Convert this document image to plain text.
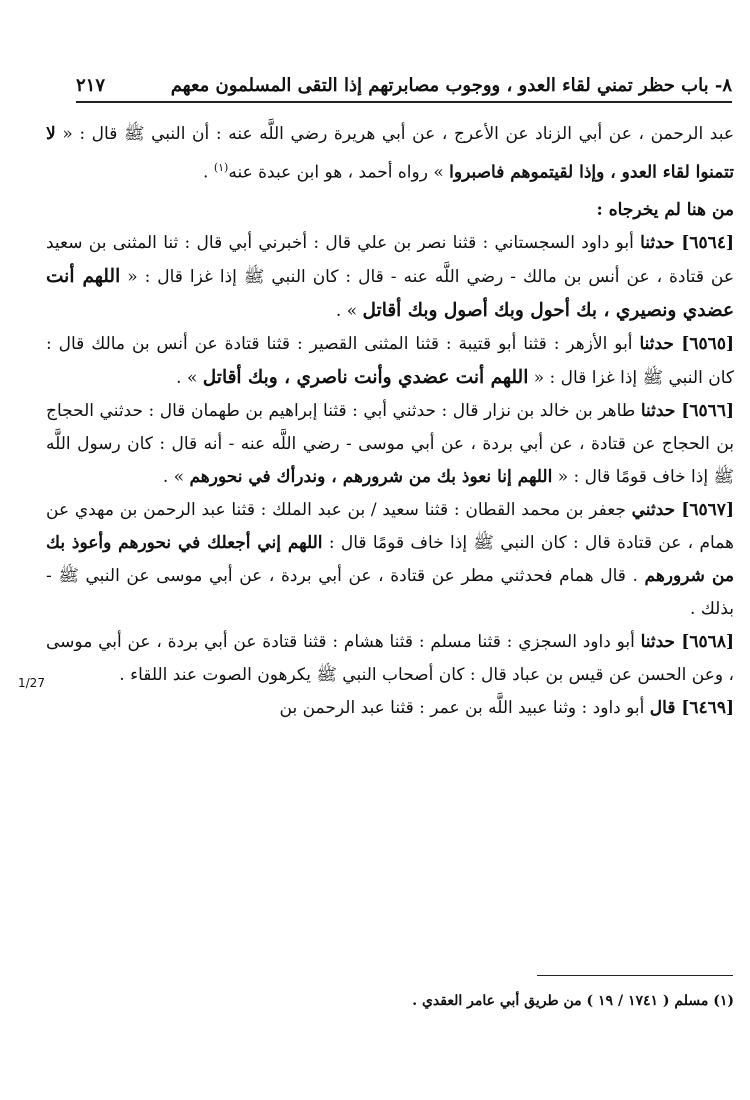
٨- باب حظر تمني لقاء العدو ، ووجوب مصابرتهم إذا التقى المسلمون معهم
٢١٧

عبد الرحمن ، عن أبي الزناد عن الأعرج ، عن أبي هريرة رضي اللَّه عنه : أن النبي ﷺ قال : « لا تتمنوا لقاء العدو ، وإذا لقيتموهم فاصبروا » رواه أحمد ، هو ابن عبدة عنه$^{(١)}$ .

من هنا لم يخرجاه :

[٦٥٦٤] حدثنا أبو داود السجستاني : قثنا نصر بن علي قال : أخبرني أبي قال : ثنا المثنى بن سعيد عن قتادة ، عن أنس بن مالك - رضي اللَّه عنه - قال : كان النبي ﷺ إذا غزا قال : « اللهم أنت عضدي ونصيري ، بك أحول وبك أصول وبك أقاتل » .

[٦٥٦٥] حدثنا أبو الأزهر : قثنا أبو قتيبة : قثنا المثنى القصير : قثنا قتادة عن أنس بن مالك قال : كان النبي ﷺ إذا غزا قال : « اللهم أنت عضدي وأنت ناصري ، وبك أقاتل » .

[٦٥٦٦] حدثنا طاهر بن خالد بن نزار قال : حدثني أبي : قثنا إبراهيم بن طهمان قال : حدثني الحجاج بن الحجاج عن قتادة ، عن أبي بردة ، عن أبي موسى - رضي اللَّه عنه - أنه قال : كان رسول اللَّه ﷺ إذا خاف قومًا قال : « اللهم إنا نعوذ بك من شرورهم ، وندرأك في نحورهم » .

[٦٥٦٧] حدثني جعفر بن محمد القطان : قثنا سعيد / بن عبد الملك : قثنا عبد الرحمن بن مهدي عن همام ، عن قتادة قال : كان النبي ﷺ إذا خاف قومًا قال : اللهم إني أجعلك في نحورهم وأعوذ بك من شرورهم . قال همام فحدثني مطر عن قتادة ، عن أبي بردة ، عن أبي موسى عن النبي ﷺ - بذلك .

[٦٥٦٨] حدثنا أبو داود السجزي : قثنا مسلم : قثنا هشام : قثنا قتادة عن أبي بردة ، عن أبي موسى ، وعن الحسن عن قيس بن عباد قال : كان أصحاب النبي ﷺ يكرهون الصوت عند اللقاء .

[٦٤٦٩] قال أبو داود : وثنا عبيد اللَّه بن عمر : قثنا عبد الرحمن بن

1/27
(١) مسلم ( ١٧٤١ / ١٩ ) من طريق أبي عامر العقدي .
